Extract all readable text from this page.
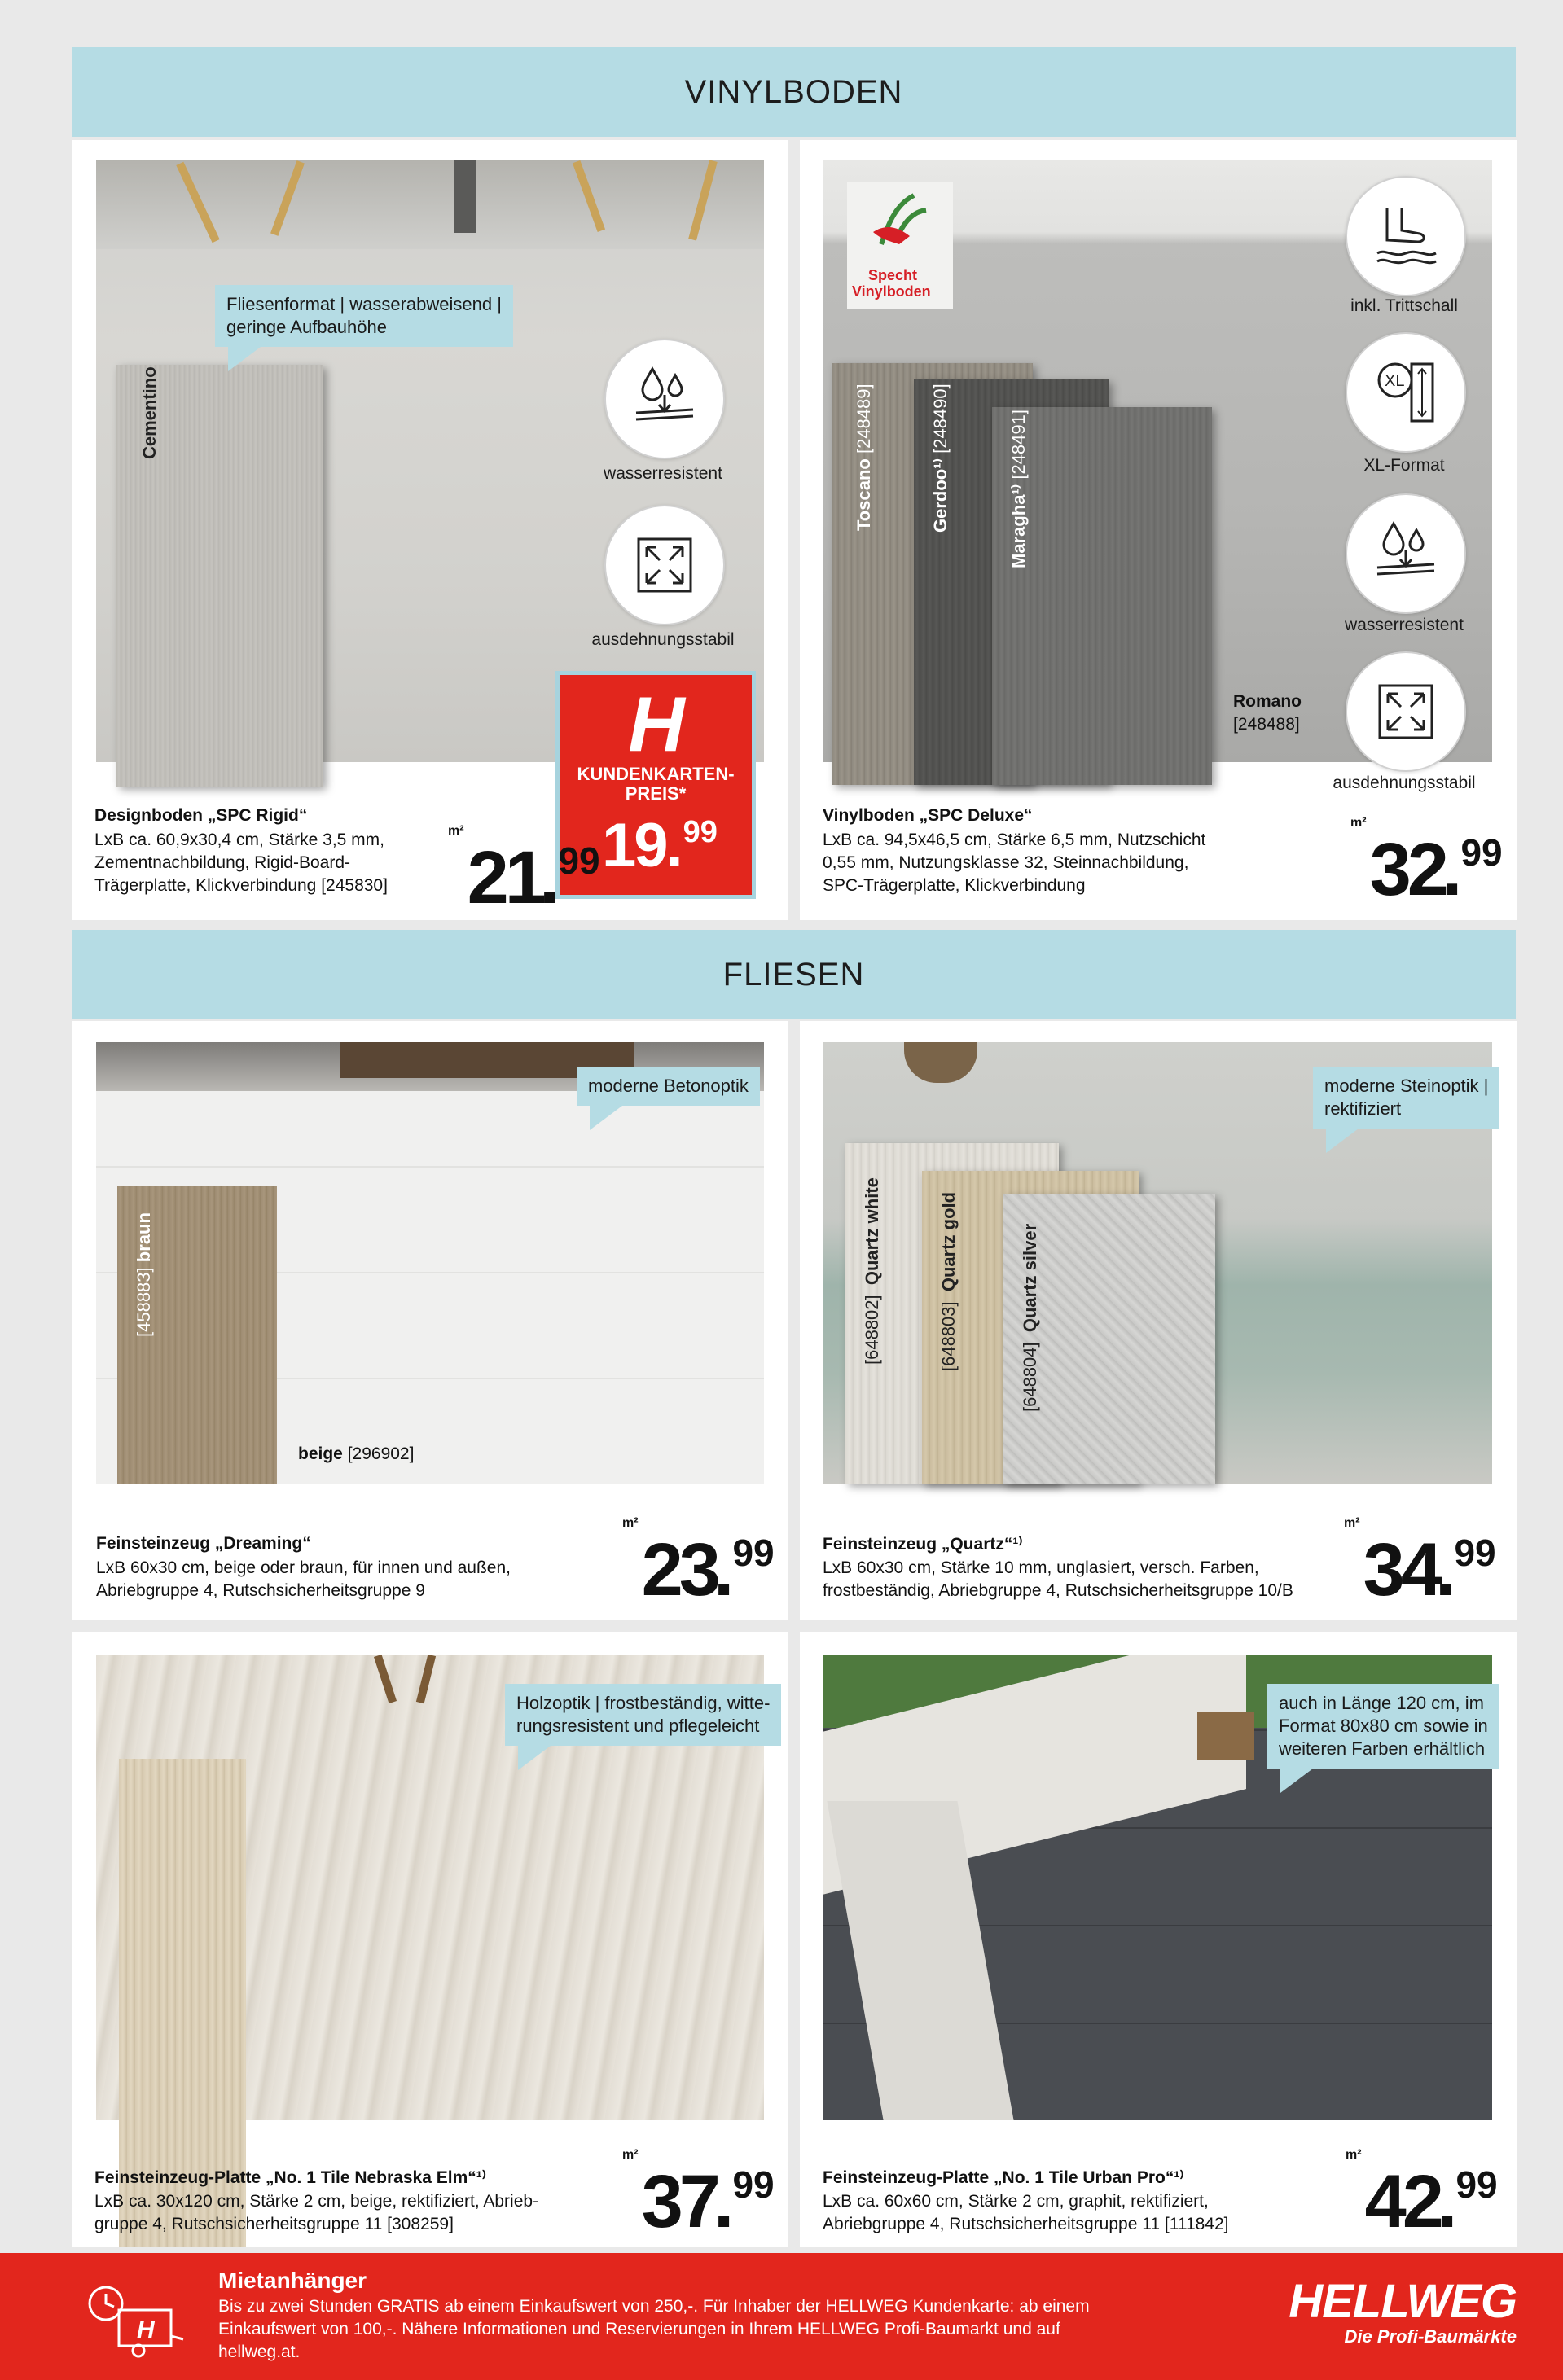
VINYLBODEN
Cementino
Fliesenformat | wasserabweisend |
geringe Aufbauhöhe
wasserresistent
ausdehnungsstabil
H
KUNDENKARTEN-
PREIS*
19 . 99
Designboden „SPC Rigid“
LxB ca. 60,9x30,4 cm, Stärke 3,5 mm,
Zementnachbildung, Rigid-Board-
Trägerplatte, Klickverbindung [245830]
m²
21
.
99
Specht
Vinylboden
Toscano [248489]
Gerdoo¹⁾ [248490]
Maragha¹⁾ [248491]
Romano
[248488]
inkl. Trittschall
XL
XL-Format
wasserresistent
ausdehnungsstabil
Vinylboden „SPC Deluxe“
LxB ca. 94,5x46,5 cm, Stärke 6,5 mm, Nutzschicht
0,55 mm, Nutzungsklasse 32, Steinnachbildung,
SPC-Trägerplatte, Klickverbindung
m²
32
.
99
FLIESEN
[458883] braun
beige [296902]
moderne Betonoptik
Feinsteinzeug „Dreaming“
LxB 60x30 cm, beige oder braun, für innen und außen,
Abriebgruppe 4, Rutschsicherheitsgruppe 9
m²
23
.
99
[648802]  Quartz white
[648803]  Quartz gold
[648804]  Quartz silver
moderne Steinoptik |
rektifiziert
Feinsteinzeug „Quartz“¹⁾
LxB 60x30 cm, Stärke 10 mm, unglasiert, versch. Farben,
frostbeständig, Abriebgruppe 4, Rutschsicherheitsgruppe 10/B
m²
34
.
99
Holzoptik | frostbeständig, witte-
rungsresistent und pflegeleicht
Feinsteinzeug-Platte „No. 1 Tile Nebraska Elm“¹⁾
LxB ca. 30x120 cm, Stärke 2 cm, beige, rektifiziert, Abrieb-
gruppe 4, Rutschsicherheitsgruppe 11 [308259]
m²
37
.
99
auch in Länge 120 cm, im
Format 80x80 cm sowie in
weiteren Farben erhältlich
Feinsteinzeug-Platte „No. 1 Tile Urban Pro“¹⁾
LxB ca. 60x60 cm, Stärke 2 cm, graphit, rektifiziert,
Abriebgruppe 4, Rutschsicherheitsgruppe 11 [111842]
m²
42
.
99
H
Mietanhänger
Bis zu zwei Stunden GRATIS ab einem Einkaufswert von 250,-. Für Inhaber der HELLWEG Kundenkarte: ab einem
Einkaufswert von 100,-. Nähere Informationen und Reservierungen in Ihrem HELLWEG Profi-Baumarkt und auf
hellweg.at.
HELLWEG
Die Profi-Baumärkte
